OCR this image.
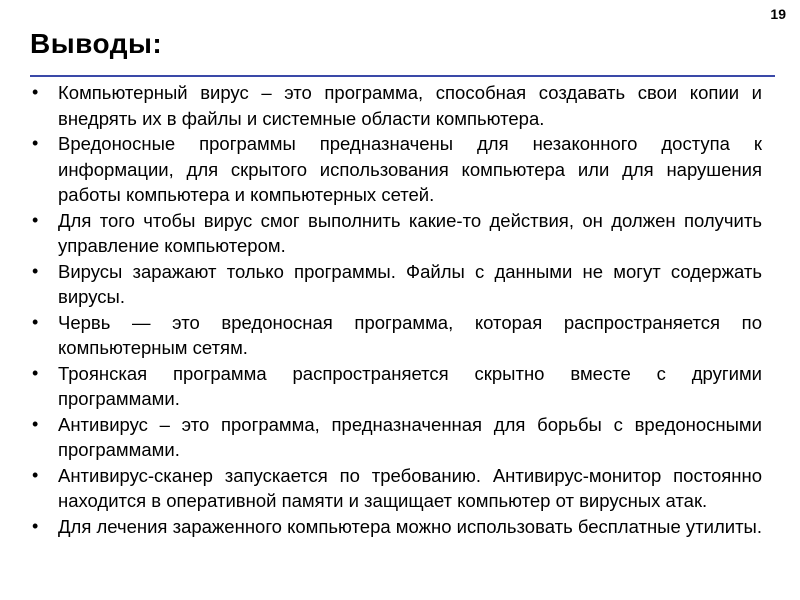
19
Выводы:
• Компьютерный вирус – это программа, способная создавать свои копии и внедрять их в файлы и системные области компьютера.
• Вредоносные программы предназначены для незаконного доступа к информации, для скрытого использования компьютера или для нарушения работы компьютера и компьютерных сетей.
• Для того чтобы вирус смог выполнить какие-то действия, он должен получить управление компьютером.
• Вирусы заражают только программы. Файлы с данными не могут содержать вирусы.
• Червь — это вредоносная программа, которая распространяется по компьютерным сетям.
• Троянская программа распространяется скрытно вместе с другими программами.
• Антивирус – это программа, предназначенная для борьбы с вредоносными программами.
• Антивирус-сканер запускается по требованию. Антивирус-монитор постоянно находится в оперативной памяти и защищает компьютер от вирусных атак.
• Для лечения зараженного компьютера можно использовать бесплатные утилиты.
